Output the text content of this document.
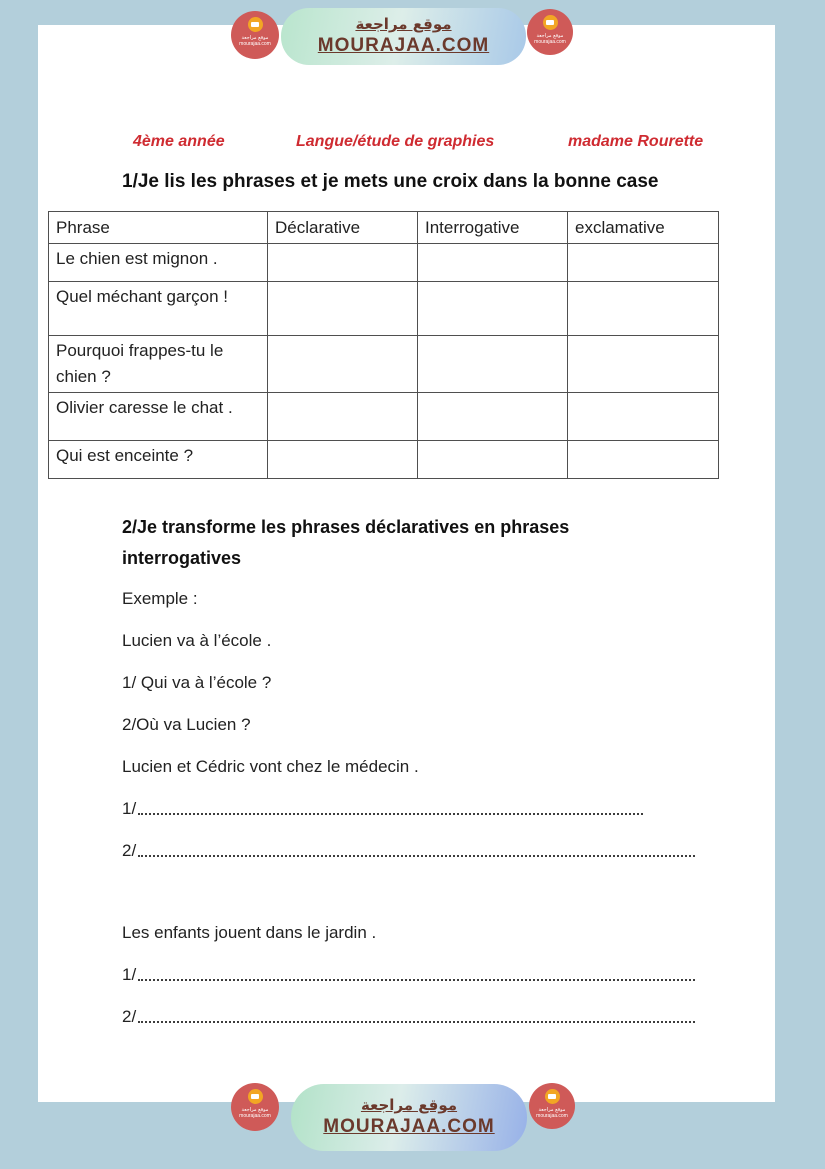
موقع مراجعة
mourajaa.com
موقع مراجعة
MOURAJAA.COM	موقع مراجعة
mourajaa.com
4ème année	Langue/étude de graphies	madame Rourette
1/Je lis les phrases et je mets une croix dans la bonne case
Phrase	Déclarative	Interrogative	exclamative
Le chien est mignon .			
Quel méchant garçon !			
Pourquoi frappes-tu le chien ?			
Olivier caresse le chat .			
Qui est enceinte ?			
2/Je transforme les phrases déclaratives en phrases interrogatives

Exemple :

Lucien va à l’école .

1/ Qui va à l’école ?

2/Où va Lucien ?

Lucien et Cédric vont chez le médecin .

1/
2/

Les enfants jouent dans le jardin .

1/
2/
موقع مراجعة
mourajaa.com
موقع مراجعة
MOURAJAA.COM
موقع مراجعة
mourajaa.com
